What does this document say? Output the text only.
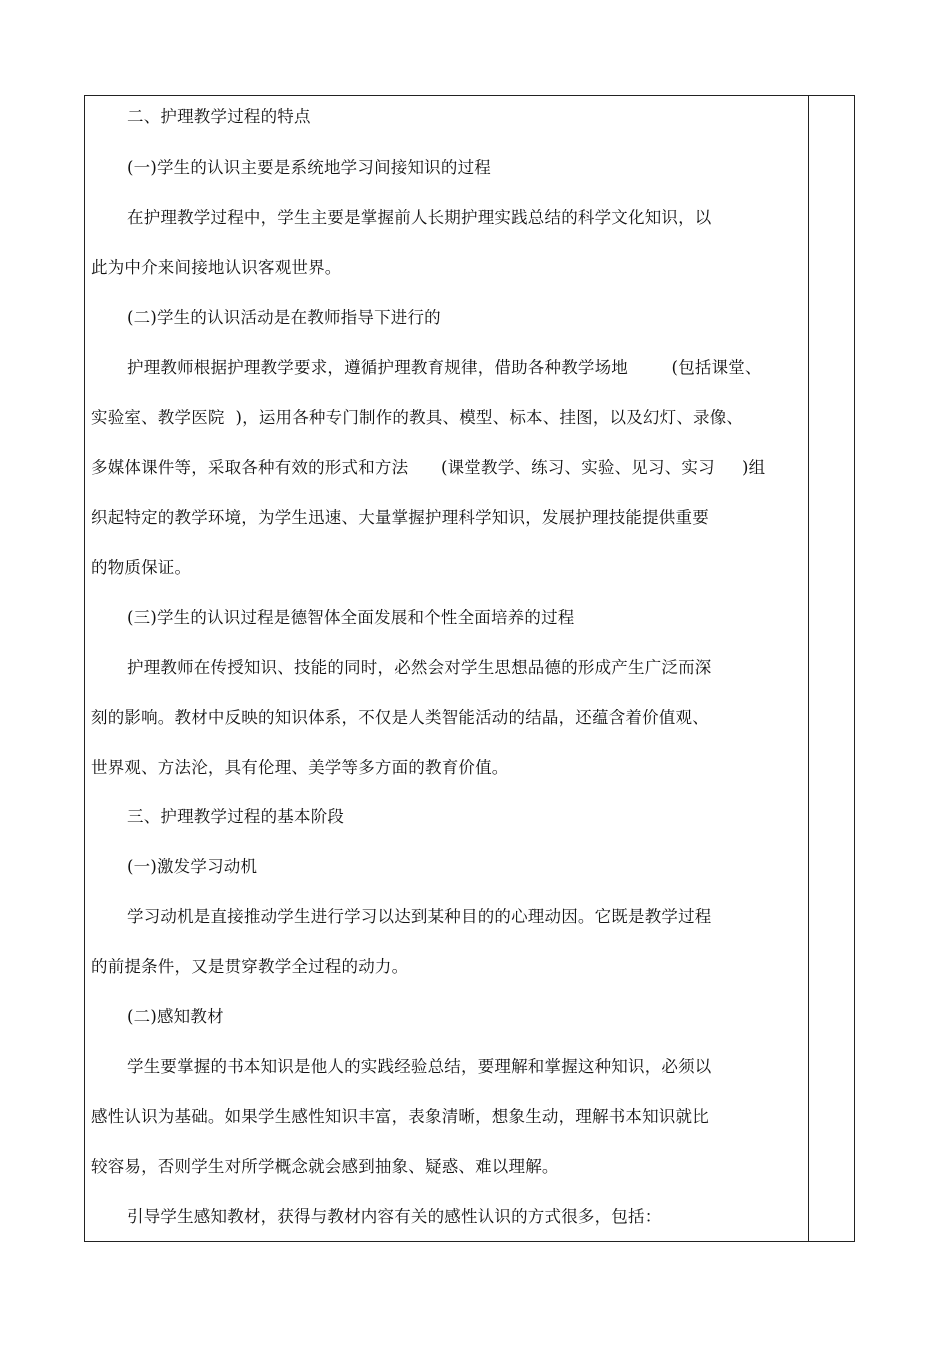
二、护理教学过程的特点
(一)学生的认识主要是系统地学习间接知识的过程
在护理教学过程中，学生主要是掌握前人长期护理实践总结的科学文化知识，以
此为中介来间接地认识客观世界。
(二)学生的认识活动是在教师指导下进行的
护理教师根据护理教学要求，遵循护理教育规律，借助各种教学场地        (包括课堂、
实验室、教学医院  )，运用各种专门制作的教具、模型、标本、挂图，以及幻灯、录像、
多媒体课件等，采取各种有效的形式和方法      (课堂教学、练习、实验、见习、实习     )组
织起特定的教学环境，为学生迅速、大量掌握护理科学知识，发展护理技能提供重要
的物质保证。
(三)学生的认识过程是德智体全面发展和个性全面培养的过程
护理教师在传授知识、技能的同时，必然会对学生思想品德的形成产生广泛而深
刻的影响。教材中反映的知识体系，不仅是人类智能活动的结晶，还蕴含着价值观、
世界观、方法沦，具有伦理、美学等多方面的教育价值。
三、护理教学过程的基本阶段
(一)激发学习动机
学习动机是直接推动学生进行学习以达到某种目的的心理动因。它既是教学过程
的前提条件，又是贯穿教学全过程的动力。
(二)感知教材
学生要掌握的书本知识是他人的实践经验总结，要理解和掌握这种知识，必须以
感性认识为基础。如果学生感性知识丰富，表象清晰，想象生动，理解书本知识就比
较容易，否则学生对所学概念就会感到抽象、疑惑、难以理解。
引导学生感知教材，获得与教材内容有关的感性认识的方式很多，包括：
